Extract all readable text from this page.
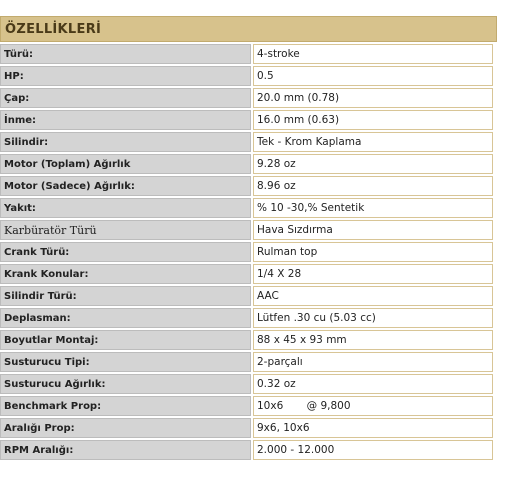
ÖZELLİKLERİ
Türü:	4-stroke
HP:	0.5
Çap:	20.0 mm (0.78)
İnme:	16.0 mm (0.63)
Silindir:	Tek - Krom Kaplama
Motor (Toplam) Ağırlık	9.28 oz
Motor (Sadece) Ağırlık:	8.96 oz
Yakıt:	% 10 -30,% Sentetik
Karbüratör Türü	Hava Sızdırma
Crank Türü:	Rulman top
Krank Konular:	1/4 X 28
Silindir Türü:	AAC
Deplasman:	Lütfen .30 cu (5.03 cc)
Boyutlar Montaj:	88 x 45 x 93 mm
Susturucu Tipi:	2-parçalı
Susturucu Ağırlık:	0.32 oz
Benchmark Prop:	10x6       @ 9,800
Aralığı Prop:	9x6, 10x6
RPM Aralığı:	2.000 - 12.000
